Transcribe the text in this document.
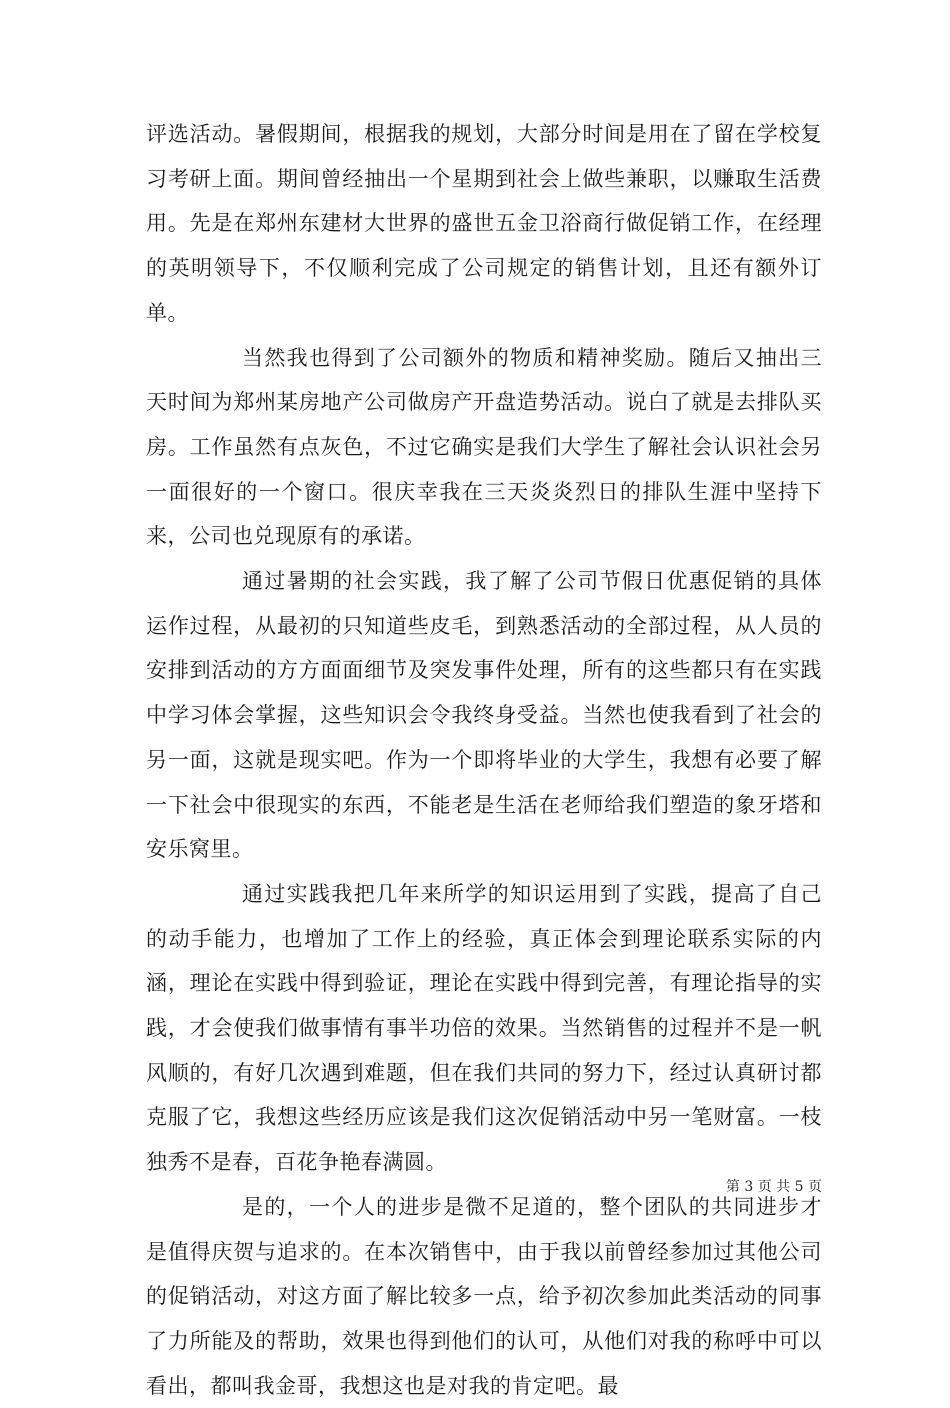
评选活动。暑假期间，根据我的规划，大部分时间是用在了留在学校复习考研上面。期间曾经抽出一个星期到社会上做些兼职，以赚取生活费用。先是在郑州东建材大世界的盛世五金卫浴商行做促销工作，在经理的英明领导下，不仅顺利完成了公司规定的销售计划，且还有额外订单。

当然我也得到了公司额外的物质和精神奖励。随后又抽出三天时间为郑州某房地产公司做房产开盘造势活动。说白了就是去排队买房。工作虽然有点灰色，不过它确实是我们大学生了解社会认识社会另一面很好的一个窗口。很庆幸我在三天炎炎烈日的排队生涯中坚持下来，公司也兑现原有的承诺。

通过暑期的社会实践，我了解了公司节假日优惠促销的具体运作过程，从最初的只知道些皮毛，到熟悉活动的全部过程，从人员的安排到活动的方方面面细节及突发事件处理，所有的这些都只有在实践中学习体会掌握，这些知识会令我终身受益。当然也使我看到了社会的另一面，这就是现实吧。作为一个即将毕业的大学生，我想有必要了解一下社会中很现实的东西，不能老是生活在老师给我们塑造的象牙塔和安乐窝里。

通过实践我把几年来所学的知识运用到了实践，提高了自己的动手能力，也增加了工作上的经验，真正体会到理论联系实际的内涵，理论在实践中得到验证，理论在实践中得到完善，有理论指导的实践，才会使我们做事情有事半功倍的效果。当然销售的过程并不是一帆风顺的，有好几次遇到难题，但在我们共同的努力下，经过认真研讨都克服了它，我想这些经历应该是我们这次促销活动中另一笔财富。一枝独秀不是春，百花争艳春满圆。

是的，一个人的进步是微不足道的，整个团队的共同进步才是值得庆贺与追求的。在本次销售中，由于我以前曾经参加过其他公司的促销活动，对这方面了解比较多一点，给予初次参加此类活动的同事了力所能及的帮助，效果也得到他们的认可，从他们对我的称呼中可以看出，都叫我金哥，我想这也是对我的肯定吧。最

第 3 页 共 5 页
